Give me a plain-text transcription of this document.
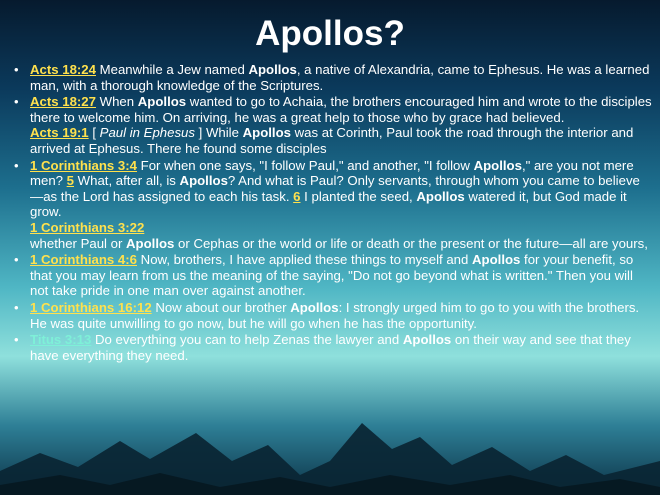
Apollos?
• Acts 18:24 Meanwhile a Jew named Apollos, a native of Alexandria, came to Ephesus. He was a learned man, with a thorough knowledge of the Scriptures.
• Acts 18:27 When Apollos wanted to go to Achaia, the brothers encouraged him and wrote to the disciples there to welcome him. On arriving, he was a great help to those who by grace had believed.
Acts 19:1 [ Paul in Ephesus ] While Apollos was at Corinth, Paul took the road through the interior and arrived at Ephesus. There he found some disciples
• 1 Corinthians 3:4 For when one says, "I follow Paul," and another, "I follow Apollos," are you not mere men? 5 What, after all, is Apollos? And what is Paul? Only servants, through whom you came to believe—as the Lord has assigned to each his task. 6 I planted the seed, Apollos watered it, but God made it grow.
1 Corinthians 3:22
whether Paul or Apollos or Cephas or the world or life or death or the present or the future—all are yours,
• 1 Corinthians 4:6 Now, brothers, I have applied these things to myself and Apollos for your benefit, so that you may learn from us the meaning of the saying, "Do not go beyond what is written." Then you will not take pride in one man over against another.
• 1 Corinthians 16:12 Now about our brother Apollos: I strongly urged him to go to you with the brothers. He was quite unwilling to go now, but he will go when he has the opportunity.
• Titus 3:13 Do everything you can to help Zenas the lawyer and Apollos on their way and see that they have everything they need.
